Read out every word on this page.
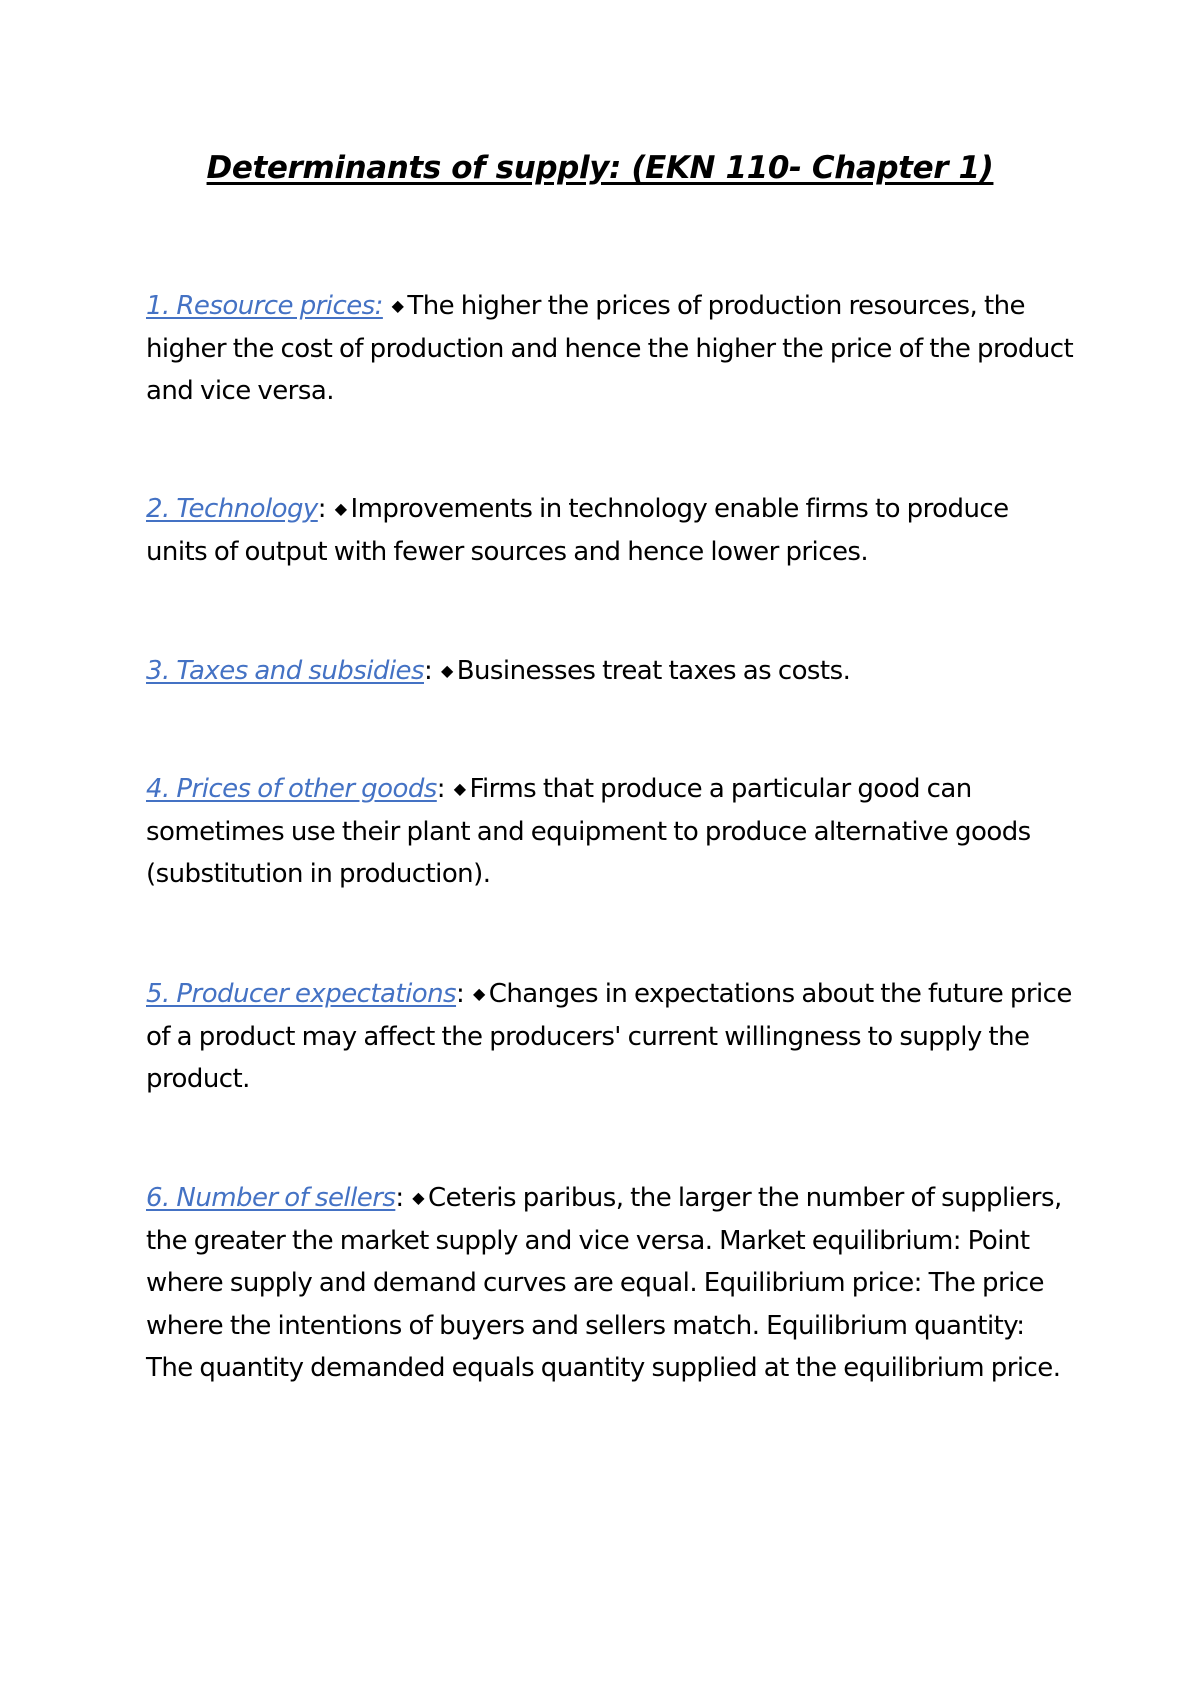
Determinants of supply: (EKN 110- Chapter 1)
1. Resource prices: ◆ The higher the prices of production resources, the higher the cost of production and hence the higher the price of the product and vice versa.
2. Technology: ◆ Improvements in technology enable firms to produce units of output with fewer sources and hence lower prices.
3. Taxes and subsidies: ◆ Businesses treat taxes as costs.
4. Prices of other goods: ◆ Firms that produce a particular good can sometimes use their plant and equipment to produce alternative goods (substitution in production).
5. Producer expectations: ◆ Changes in expectations about the future price of a product may affect the producers' current willingness to supply the product.
6. Number of sellers: ◆ Ceteris paribus, the larger the number of suppliers, the greater the market supply and vice versa. Market equilibrium: Point where supply and demand curves are equal. Equilibrium price: The price where the intentions of buyers and sellers match. Equilibrium quantity: The quantity demanded equals quantity supplied at the equilibrium price.
